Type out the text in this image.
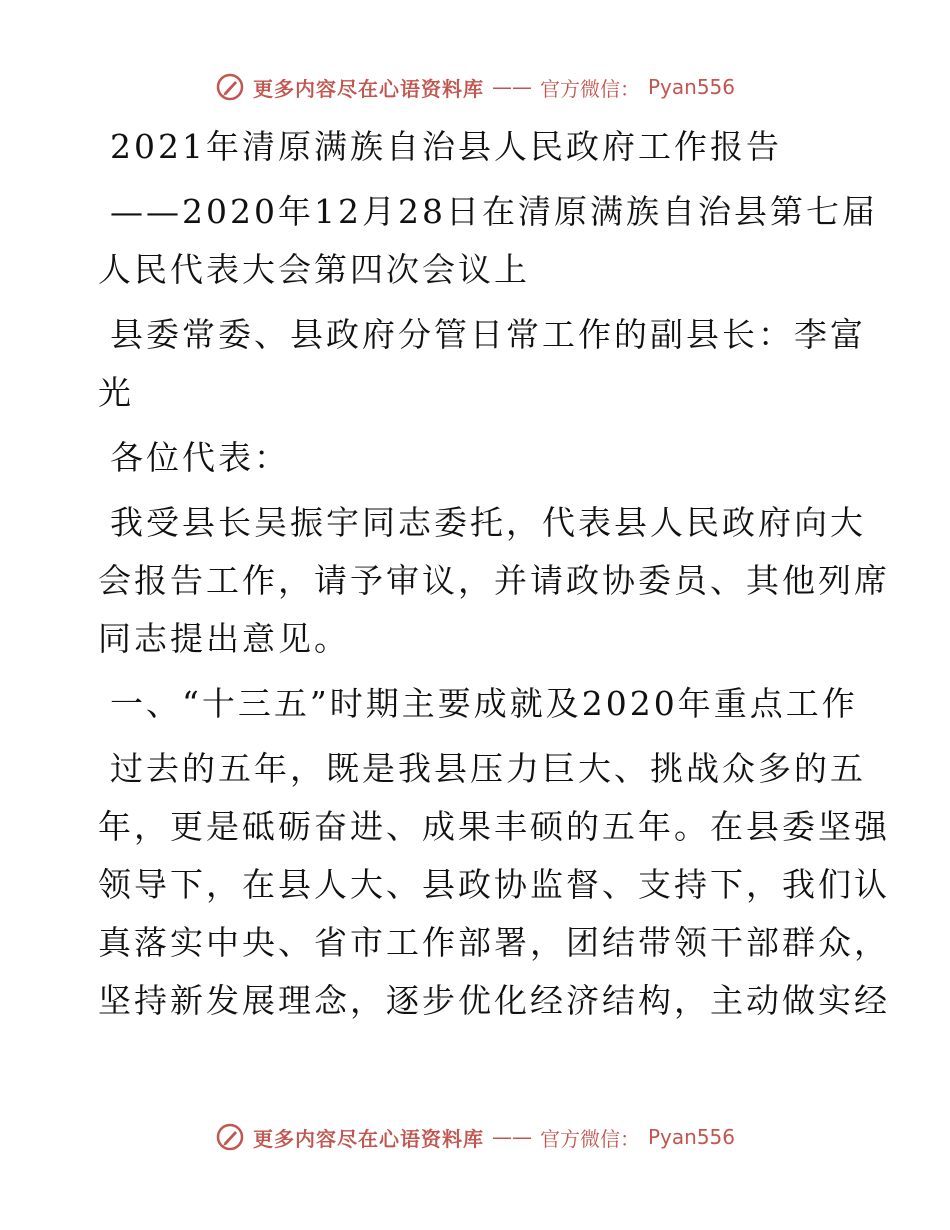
更多内容尽在心语资料库 —— 官方微信： Pyan556

2021年清原满族自治县人民政府工作报告

——2020年12月28日在清原满族自治县第七届

人民代表大会第四次会议上

县委常委、县政府分管日常工作的副县长：李富

光

各位代表：

我受县长吴振宇同志委托，代表县人民政府向大

会报告工作，请予审议，并请政协委员、其他列席

同志提出意见。

一、“十三五”时期主要成就及2020年重点工作

过去的五年，既是我县压力巨大、挑战众多的五

年，更是砥砺奋进、成果丰硕的五年。在县委坚强

领导下，在县人大、县政协监督、支持下，我们认

真落实中央、省市工作部署，团结带领干部群众，

坚持新发展理念，逐步优化经济结构，主动做实经

更多内容尽在心语资料库 —— 官方微信： Pyan556
